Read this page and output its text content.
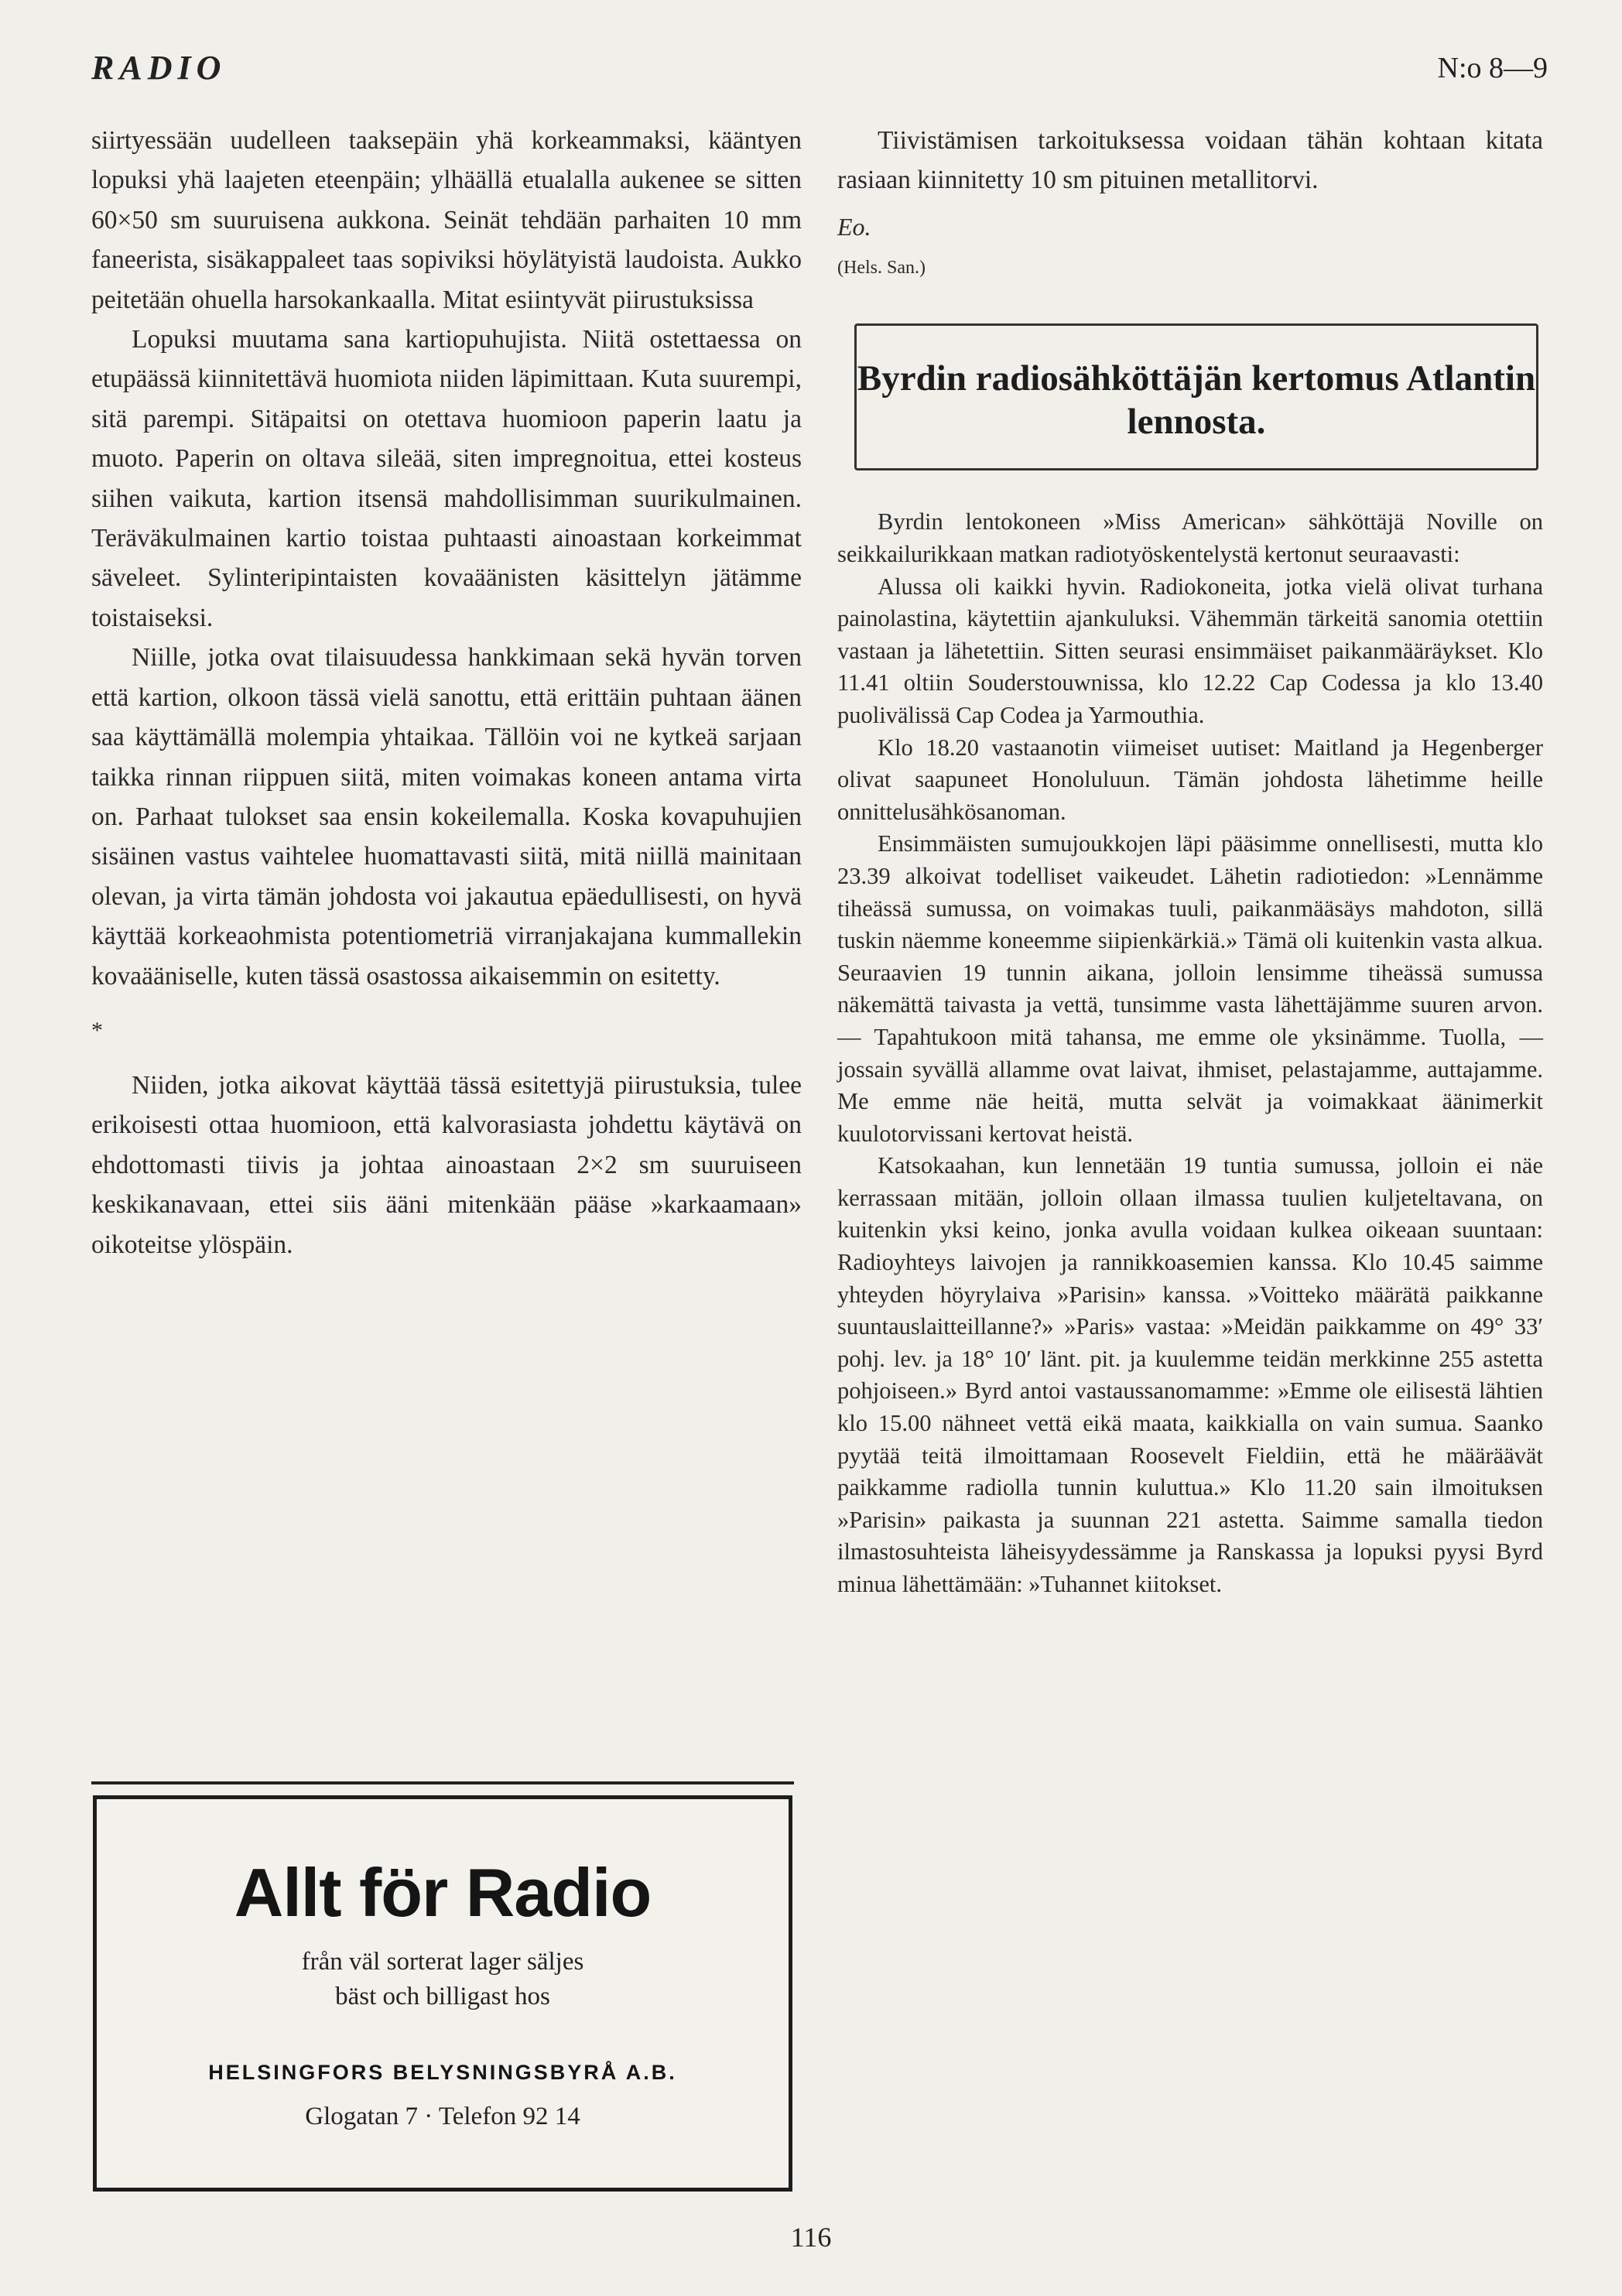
RADIO	N:o 8—9

siirtyessään uudelleen taaksepäin yhä korkeammaksi, kääntyen lopuksi yhä laajeten eteenpäin; ylhäällä etualalla aukenee se sitten 60×50 sm suuruisena aukkona. Seinät tehdään parhaiten 10 mm faneerista, sisäkappaleet taas sopiviksi höylätyistä laudoista. Aukko peitetään ohuella harsokankaalla. Mitat esiintyvät piirustuksissa

Lopuksi muutama sana kartiopuhujista. Niitä ostettaessa on etupäässä kiinnitettävä huomiota niiden läpimittaan. Kuta suurempi, sitä parempi. Sitäpaitsi on otettava huomioon paperin laatu ja muoto. Paperin on oltava sileää, siten impregnoitua, ettei kosteus siihen vaikuta, kartion itsensä mahdollisimman suurikulmainen. Teräväkulmainen kartio toistaa puhtaasti ainoastaan korkeimmat säveleet. Sylinteripintaisten kovaäänisten käsittelyn jätämme toistaiseksi.

Niille, jotka ovat tilaisuudessa hankkimaan sekä hyvän torven että kartion, olkoon tässä vielä sanottu, että erittäin puhtaan äänen saa käyttämällä molempia yhtaikaa. Tällöin voi ne kytkeä sarjaan taikka rinnan riippuen siitä, miten voimakas koneen antama virta on. Parhaat tulokset saa ensin kokeilemalla. Koska kovapuhujien sisäinen vastus vaihtelee huomattavasti siitä, mitä niillä mainitaan olevan, ja virta tämän johdosta voi jakautua epäedullisesti, on hyvä käyttää korkeaohmista potentiometriä virranjakajana kummallekin kovaääniselle, kuten tässä osastossa aikaisemmin on esitetty.

*

Niiden, jotka aikovat käyttää tässä esitettyjä piirustuksia, tulee erikoisesti ottaa huomioon, että kalvorasiasta johdettu käytävä on ehdottomasti tiivis ja johtaa ainoastaan 2×2 sm suuruiseen keskikanavaan, ettei siis ääni mitenkään pääse »karkaamaan» oikoteitse ylöspäin.

Allt för Radio
från väl sorterat lager säljes
bäst och billigast hos
HELSINGFORS BELYSNINGSBYRÅ A.B.
Glogatan 7 · Telefon 92 14

Tiivistämisen tarkoituksessa voidaan tähän kohtaan kitata rasiaan kiinnitetty 10 sm pituinen metallitorvi.

Eo.

(Hels. San.)

Byrdin radiosähköttäjän kertomus Atlantin lennosta.

Byrdin lentokoneen »Miss American» sähköttäjä Noville on seikkailurikkaan matkan radiotyöskentelystä kertonut seuraavasti:

Alussa oli kaikki hyvin. Radiokoneita, jotka vielä olivat turhana painolastina, käytettiin ajankuluksi. Vähemmän tärkeitä sanomia otettiin vastaan ja lähetettiin. Sitten seurasi ensimmäiset paikanmääräykset. Klo 11.41 oltiin Souderstouwnissa, klo 12.22 Cap Codessa ja klo 13.40 puolivälissä Cap Codea ja Yarmouthia.

Klo 18.20 vastaanotin viimeiset uutiset: Maitland ja Hegenberger olivat saapuneet Honoluluun. Tämän johdosta lähetimme heille onnittelusähkösanoman.

Ensimmäisten sumujoukkojen läpi pääsimme onnellisesti, mutta klo 23.39 alkoivat todelliset vaikeudet. Lähetin radiotiedon: »Lennämme tiheässä sumussa, on voimakas tuuli, paikanmääsäys mahdoton, sillä tuskin näemme koneemme siipienkärkiä.» Tämä oli kuitenkin vasta alkua. Seuraavien 19 tunnin aikana, jolloin lensimme tiheässä sumussa näkemättä taivasta ja vettä, tunsimme vasta lähettäjämme suuren arvon. — Tapahtukoon mitä tahansa, me emme ole yksinämme. Tuolla, — jossain syvällä allamme ovat laivat, ihmiset, pelastajamme, auttajamme. Me emme näe heitä, mutta selvät ja voimakkaat äänimerkit kuulotorvissani kertovat heistä.

Katsokaahan, kun lennetään 19 tuntia sumussa, jolloin ei näe kerrassaan mitään, jolloin ollaan ilmassa tuulien kuljeteltavana, on kuitenkin yksi keino, jonka avulla voidaan kulkea oikeaan suuntaan: Radioyhteys laivojen ja rannikkoasemien kanssa. Klo 10.45 saimme yhteyden höyrylaiva »Parisin» kanssa. »Voitteko määrätä paikkanne suuntauslaitteillanne?» »Paris» vastaa: »Meidän paikkamme on 49° 33′ pohj. lev. ja 18° 10′ länt. pit. ja kuulemme teidän merkkinne 255 astetta pohjoiseen.» Byrd antoi vastaussanomamme: »Emme ole eilisestä lähtien klo 15.00 nähneet vettä eikä maata, kaikkialla on vain sumua. Saanko pyytää teitä ilmoittamaan Roosevelt Fieldiin, että he määräävät paikkamme radiolla tunnin kuluttua.» Klo 11.20 sain ilmoituksen »Parisin» paikasta ja suunnan 221 astetta. Saimme samalla tiedon ilmastosuhteista läheisyydessämme ja Ranskassa ja lopuksi pyysi Byrd minua lähettämään: »Tuhannet kiitokset.

116
